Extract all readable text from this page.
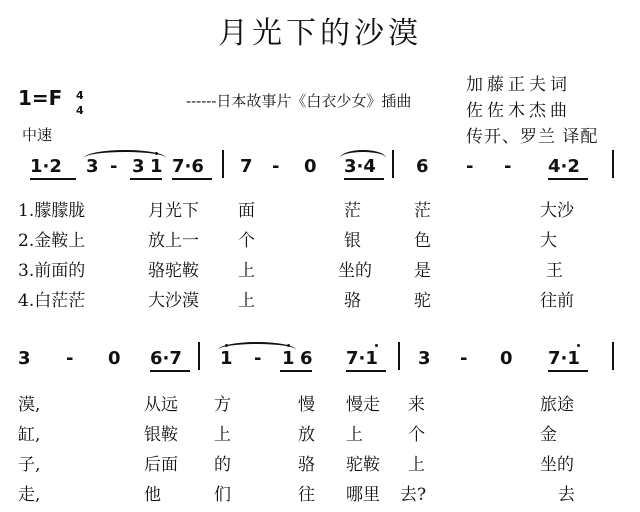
月光下的沙漠
1=F 4
4
中速
------日本故事片《白衣少女》插曲
加藤正夫词
佐佐木杰曲
传开、罗兰 译配
1·2 3 - 3 1 7·6 7 - 0 3·4 6 - - 4·2
1.朦朦胧	月光下 面	茫	茫	大沙
2.金鞍上	放上一 个	银	色	大
3.前面的	骆驼鞍 上	坐的 是	王
4.白茫茫	大沙漠 上	骆	驼	往前
3 - 0 6·7 1 - 1 6 7·1 3 - 0 7·1
漠,	从远 方	慢 慢走 来	旅途
缸,	银鞍 上	放 上	个	金
子,	后面 的	骆 驼鞍 上	坐的
走,	他	们	往 哪里 去?	去
